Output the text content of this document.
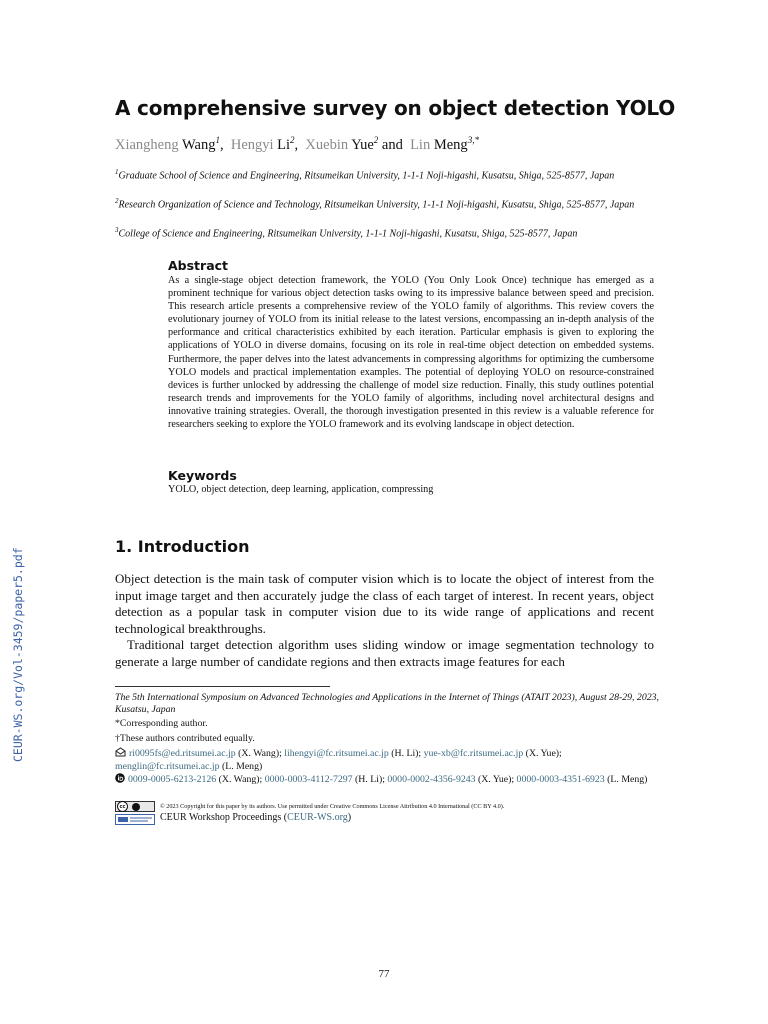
CEUR-WS.org/Vol-3459/paper5.pdf
A comprehensive survey on object detection YOLO
Xiangheng Wang$^1$,  Hengyi Li$^2$,  Xuebin Yue$^2$ and  Lin Meng$^{3,*}$
$^1$Graduate School of Science and Engineering, Ritsumeikan University, 1-1-1 Noji-higashi, Kusatsu, Shiga, 525-8577, Japan
$^2$Research Organization of Science and Technology, Ritsumeikan University, 1-1-1 Noji-higashi, Kusatsu, Shiga, 525-8577, Japan
$^3$College of Science and Engineering, Ritsumeikan University, 1-1-1 Noji-higashi, Kusatsu, Shiga, 525-8577, Japan
Abstract
As a single-stage object detection framework, the YOLO (You Only Look Once) technique has emerged as a prominent technique for various object detection tasks owing to its impressive balance between speed and precision. This research article presents a comprehensive review of the YOLO family of algorithms. This review covers the evolutionary journey of YOLO from its initial release to the latest versions, encompassing an in-depth analysis of the performance and critical characteristics exhibited by each iteration. Particular emphasis is given to exploring the applications of YOLO in diverse domains, focusing on its role in real-time object detection on embedded systems. Furthermore, the paper delves into the latest advancements in compressing algorithms for optimizing the cumbersome YOLO models and practical implementation examples. The potential of deploying YOLO on resource-constrained devices is further unlocked by addressing the challenge of model size reduction. Finally, this study outlines potential research trends and improvements for the YOLO family of algorithms, including novel architectural designs and innovative training strategies. Overall, the thorough investigation presented in this review is a valuable reference for researchers seeking to explore the YOLO framework and its evolving landscape in object detection.
Keywords
YOLO, object detection, deep learning, application, compressing
1. Introduction

Object detection is the main task of computer vision which is to locate the object of interest from the input image target and then accurately judge the class of each target of interest. In recent years, object detection as a popular task in computer vision due to its wide range of applications and recent technological breakthroughs.

Traditional target detection algorithm uses sliding window or image segmentation technology to generate a large number of candidate regions and then extracts image features for each

The 5th International Symposium on Advanced Technologies and Applications in the Internet of Things (ATAIT 2023), August 28-29, 2023, Kusatsu, Japan
*Corresponding author.
†These authors contributed equally.
ri0095fs@ed.ritsumei.ac.jp (X. Wang); lihengyi@fc.ritsumei.ac.jp (H. Li); yue-xb@fc.ritsumei.ac.jp (X. Yue); menglin@fc.ritsumei.ac.jp (L. Meng)
0009-0005-6213-2126 (X. Wang); 0000-0003-4112-7297 (H. Li); 0000-0002-4356-9243 (X. Yue); 0000-0003-4351-6923 (L. Meng)
cc	© 2023 Copyright for this paper by its authors. Use permitted under Creative Commons License Attribution 4.0 International (CC BY 4.0).
CEUR Workshop Proceedings (CEUR-WS.org)
77
